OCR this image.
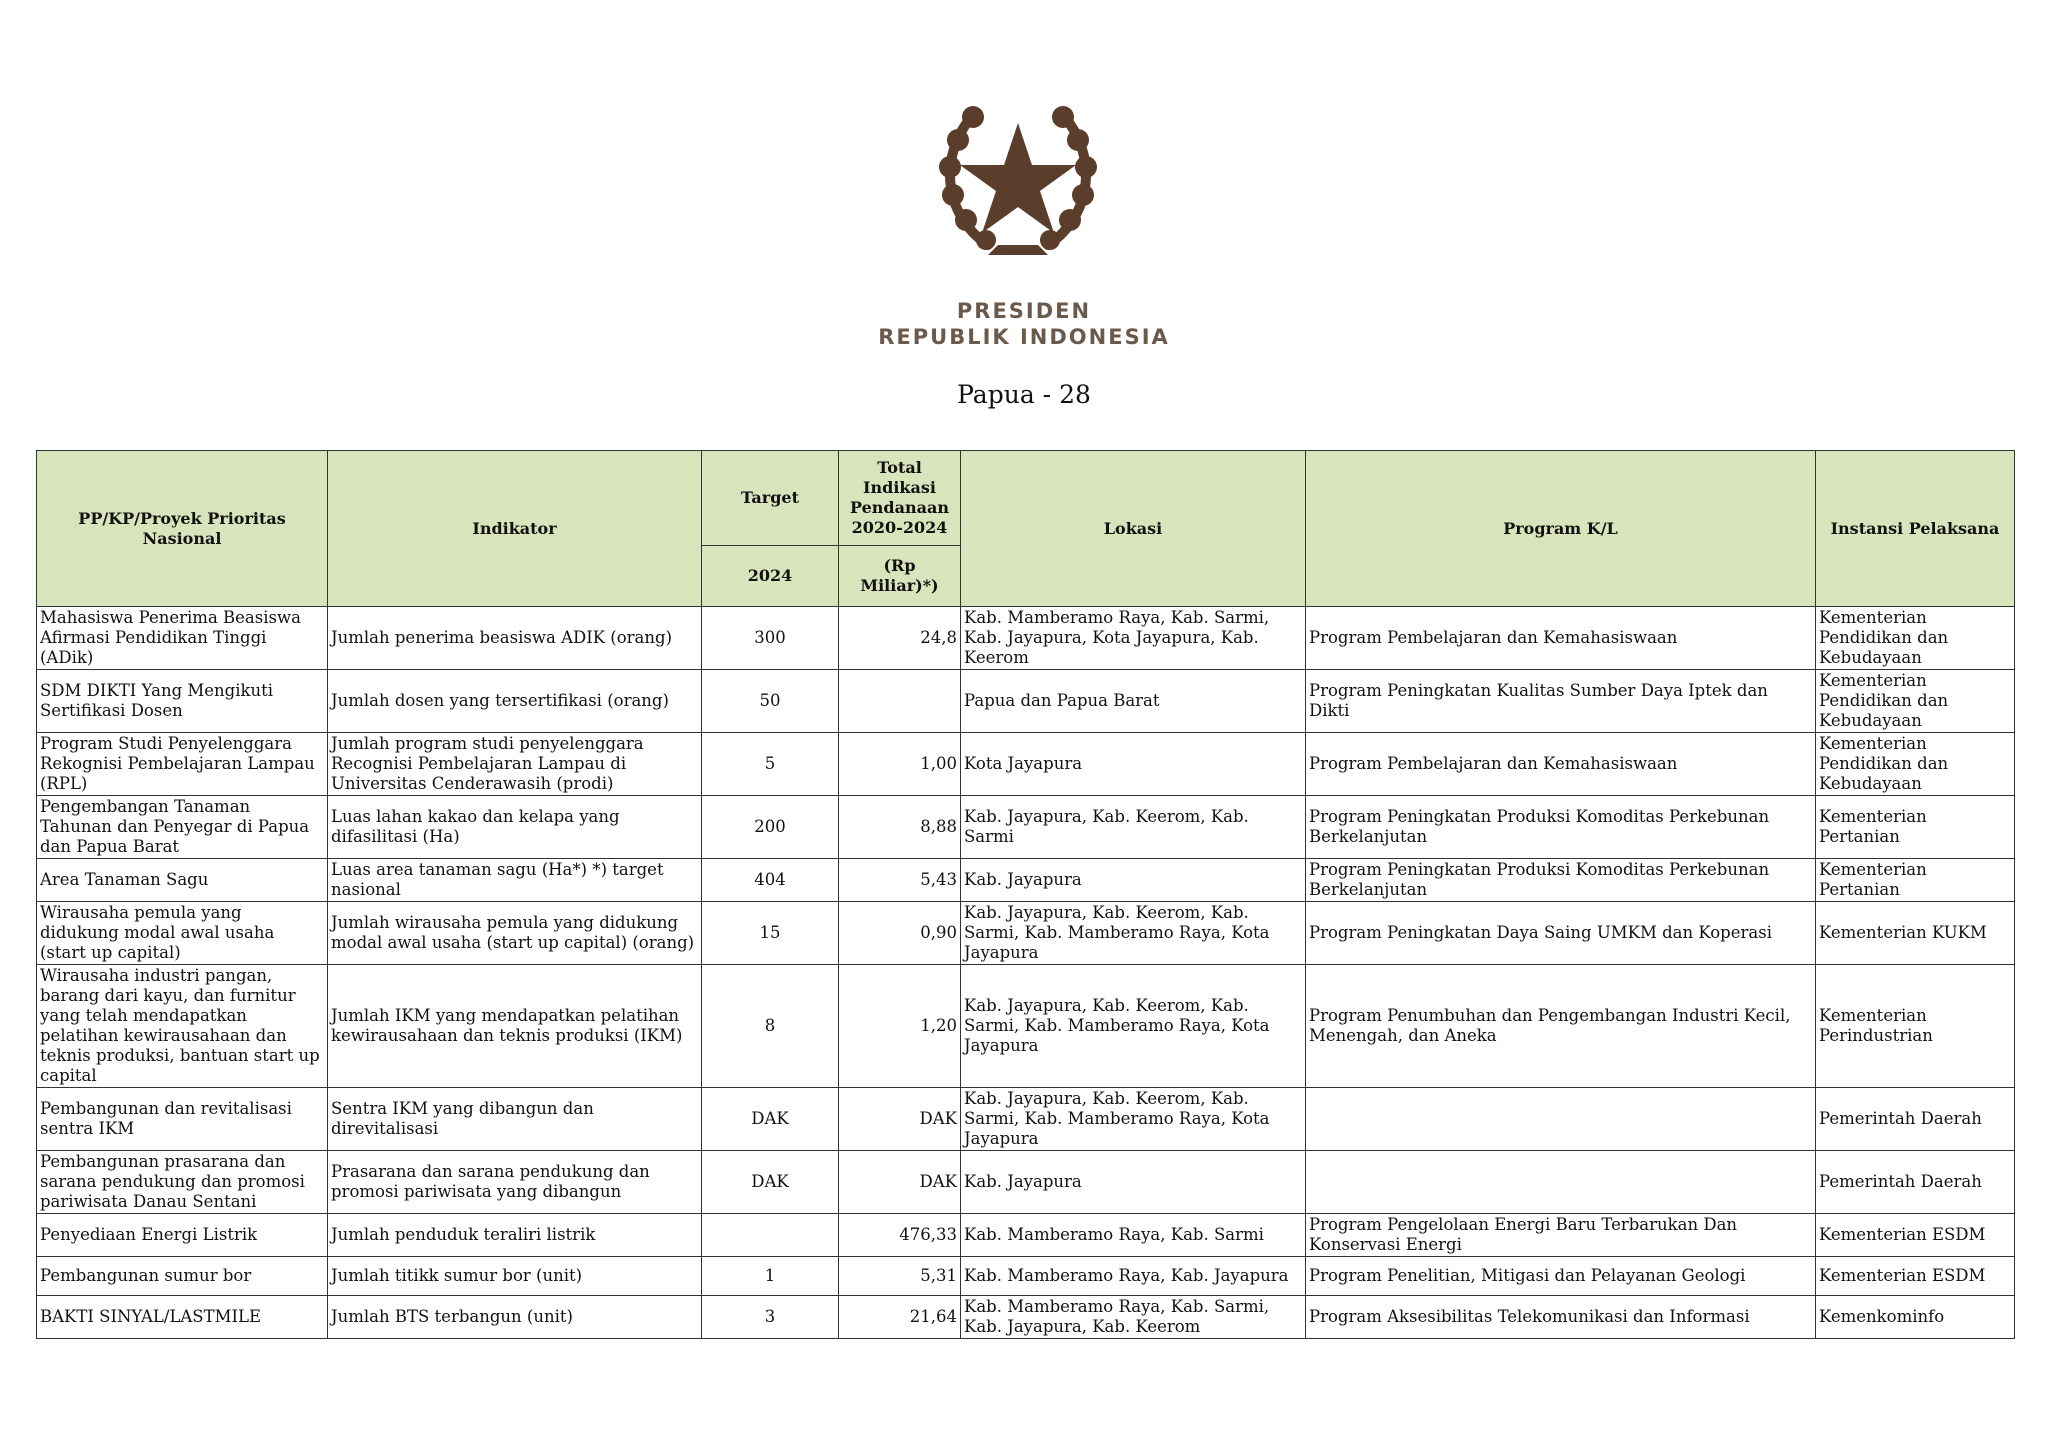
PRESIDEN
REPUBLIK INDONESIA
Papua - 28
PP/KP/Proyek Prioritas Nasional	Indikator	Target	Total Indikasi Pendanaan 2020-2024	Lokasi	Program K/L	Instansi Pelaksana
		2024	(Rp Miliar)*)			
Mahasiswa Penerima Beasiswa Afirmasi Pendidikan Tinggi (ADik)	Jumlah penerima beasiswa ADIK (orang)	300	24,8	Kab. Mamberamo Raya, Kab. Sarmi, Kab. Jayapura, Kota Jayapura, Kab. Keerom	Program Pembelajaran dan Kemahasiswaan	Kementerian Pendidikan dan Kebudayaan
SDM DIKTI Yang Mengikuti Sertifikasi Dosen	Jumlah dosen yang tersertifikasi (orang)	50		Papua dan Papua Barat	Program Peningkatan Kualitas Sumber Daya Iptek dan Dikti	Kementerian Pendidikan dan Kebudayaan
Program Studi Penyelenggara Rekognisi Pembelajaran Lampau (RPL)	Jumlah program studi penyelenggara Recognisi Pembelajaran Lampau di Universitas Cenderawasih (prodi)	5	1,00	Kota Jayapura	Program Pembelajaran dan Kemahasiswaan	Kementerian Pendidikan dan Kebudayaan
Pengembangan Tanaman Tahunan dan Penyegar di Papua dan Papua Barat	Luas lahan kakao dan kelapa yang difasilitasi (Ha)	200	8,88	Kab. Jayapura, Kab. Keerom, Kab. Sarmi	Program Peningkatan Produksi Komoditas Perkebunan Berkelanjutan	Kementerian Pertanian
Area Tanaman Sagu	Luas area tanaman sagu (Ha*) *) target nasional	404	5,43	Kab. Jayapura	Program Peningkatan Produksi Komoditas Perkebunan Berkelanjutan	Kementerian Pertanian
Wirausaha pemula yang didukung modal awal usaha (start up capital)	Jumlah wirausaha pemula yang didukung modal awal usaha (start up capital) (orang)	15	0,90	Kab. Jayapura, Kab. Keerom, Kab. Sarmi, Kab. Mamberamo Raya, Kota Jayapura	Program Peningkatan Daya Saing UMKM dan Koperasi	Kementerian KUKM
Wirausaha industri pangan, barang dari kayu, dan furnitur yang telah mendapatkan pelatihan kewirausahaan dan teknis produksi, bantuan start up capital	Jumlah IKM yang mendapatkan pelatihan kewirausahaan dan teknis produksi (IKM)	8	1,20	Kab. Jayapura, Kab. Keerom, Kab. Sarmi, Kab. Mamberamo Raya, Kota Jayapura	Program Penumbuhan dan Pengembangan Industri Kecil, Menengah, dan Aneka	Kementerian Perindustrian
Pembangunan dan revitalisasi sentra IKM	Sentra IKM yang dibangun dan direvitalisasi	DAK	DAK	Kab. Jayapura, Kab. Keerom, Kab. Sarmi, Kab. Mamberamo Raya, Kota Jayapura		Pemerintah Daerah
Pembangunan prasarana dan sarana pendukung dan promosi pariwisata Danau Sentani	Prasarana dan sarana pendukung dan promosi pariwisata yang dibangun	DAK	DAK	Kab. Jayapura		Pemerintah Daerah
Penyediaan Energi Listrik	Jumlah penduduk teraliri listrik		476,33	Kab. Mamberamo Raya, Kab. Sarmi	Program Pengelolaan Energi Baru Terbarukan Dan Konservasi Energi	Kementerian ESDM
Pembangunan sumur bor	Jumlah titikk sumur bor (unit)	1	5,31	Kab. Mamberamo Raya, Kab. Jayapura	Program Penelitian, Mitigasi dan Pelayanan Geologi	Kementerian ESDM
BAKTI SINYAL/LASTMILE	Jumlah BTS terbangun (unit)	3	21,64	Kab. Mamberamo Raya, Kab. Sarmi, Kab. Jayapura, Kab. Keerom	Program Aksesibilitas Telekomunikasi dan Informasi	Kemenkominfo
